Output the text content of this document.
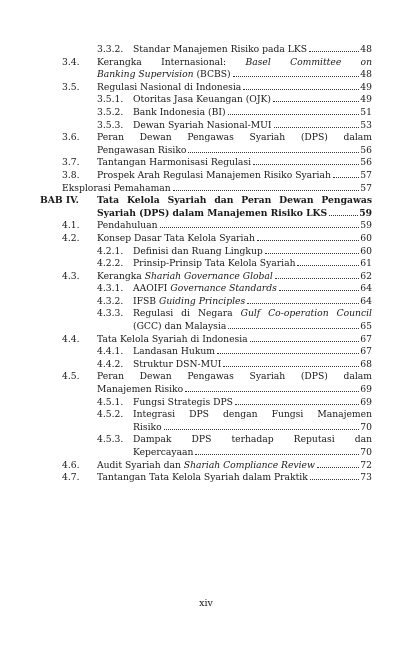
3.3.2. Standar Manajemen Risiko pada LKS	48
3.4. Kerangka Internasional: Basel Committee on
Banking Supervision (BCBS)	48
3.5. Regulasi Nasional di Indonesia	49
3.5.1. Otoritas Jasa Keuangan (OJK)	49
3.5.2. Bank Indonesia (BI)	51
3.5.3. Dewan Syariah Nasional-MUI	53
3.6. Peran Dewan Pengawas Syariah (DPS) dalam
Pengawasan Risiko	56
3.7. Tantangan Harmonisasi Regulasi	56
3.8. Prospek Arah Regulasi Manajemen Risiko Syariah	57
Eksplorasi Pemahaman	57
BAB IV. Tata Kelola Syariah dan Peran Dewan Pengawas
Syariah (DPS) dalam Manajemen Risiko LKS	59
4.1. Pendahuluan	59
4.2. Konsep Dasar Tata Kelola Syariah	60
4.2.1. Definisi dan Ruang Lingkup	60
4.2.2. Prinsip-Prinsip Tata Kelola Syariah	61
4.3. Kerangka Shariah Governance Global	62
4.3.1. AAOIFI Governance Standards	64
4.3.2. IFSB Guiding Principles	64
4.3.3. Regulasi di Negara Gulf Co-operation Council
(GCC) dan Malaysia	65
4.4. Tata Kelola Syariah di Indonesia	67
4.4.1. Landasan Hukum	67
4.4.2. Struktur DSN-MUI	68
4.5. Peran Dewan Pengawas Syariah (DPS) dalam
Manajemen Risiko	69
4.5.1. Fungsi Strategis DPS	69
4.5.2. Integrasi DPS dengan Fungsi Manajemen
Risiko	70
4.5.3. Dampak DPS terhadap Reputasi dan
Kepercayaan	70
4.6. Audit Syariah dan Shariah Compliance Review	72
4.7. Tantangan Tata Kelola Syariah dalam Praktik	73
xiv
